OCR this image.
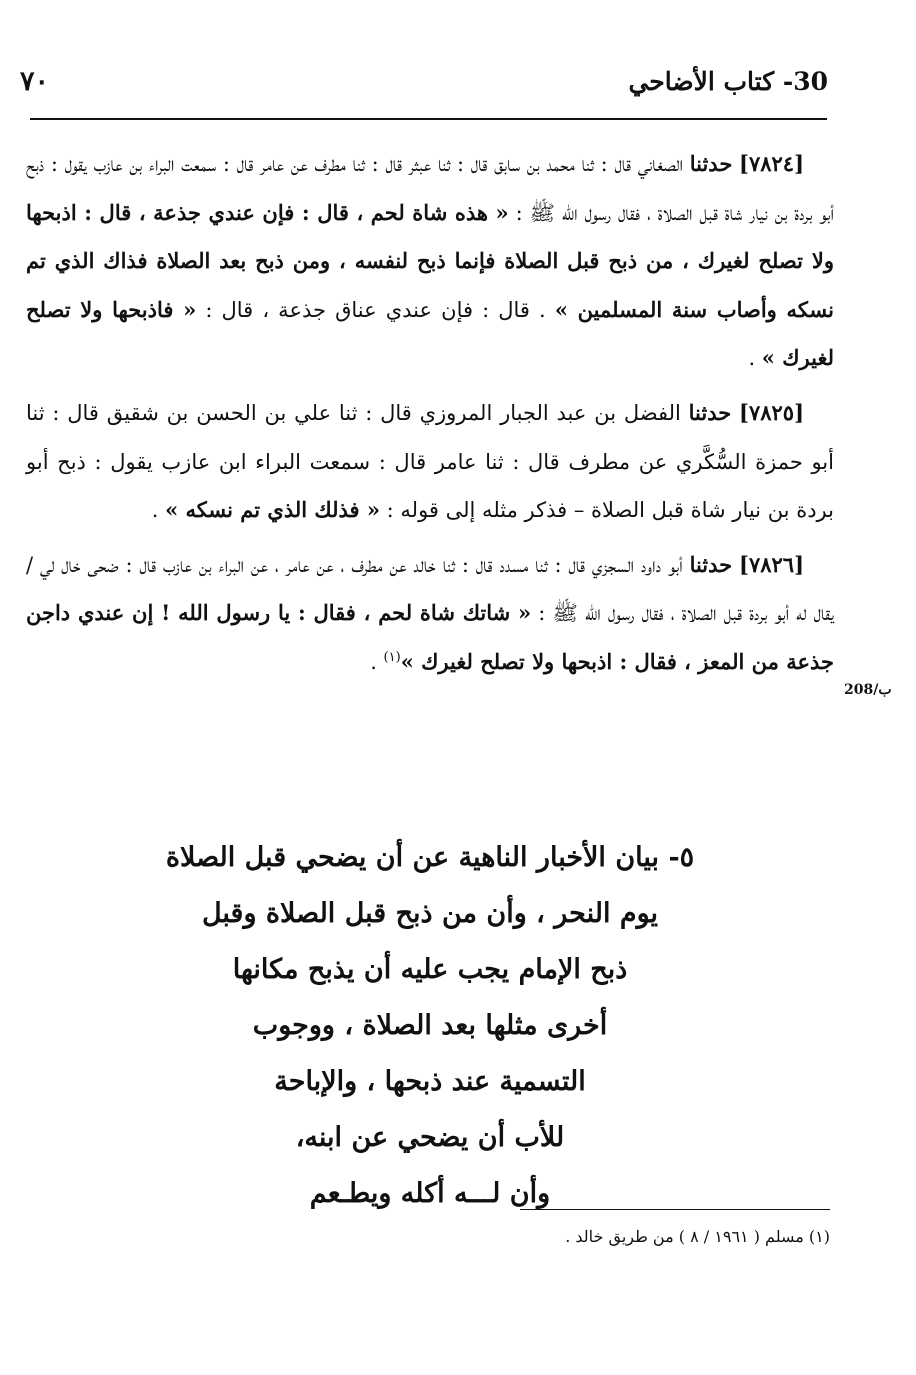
30- كتاب الأضاحي
٧٠

[٧٨٢٤] حدثنا الصغاني قال : ثنا محمد بن سابق قال : ثنا عبثر قال : ثنا مطرف عن عامر قال : سمعت البراء بن عازب يقول : ذبح أبو بردة بن نيار شاة قبل الصلاة ، فقال رسول الله ﷺ : « هذه شاة لحم ، قال : فإن عندي جذعة ، قال : اذبحها ولا تصلح لغيرك ، من ذبح قبل الصلاة فإنما ذبح لنفسه ، ومن ذبح بعد الصلاة فذاك الذي تم نسكه وأصاب سنة المسلمين » . قال : فإن عندي عناق جذعة ، قال : « فاذبحها ولا تصلح لغيرك » .

[٧٨٢٥] حدثنا الفضل بن عبد الجبار المروزي قال : ثنا علي بن الحسن بن شقيق قال : ثنا أبو حمزة السُّكَّري عن مطرف قال : ثنا عامر قال : سمعت البراء ابن عازب يقول : ذبح أبو بردة بن نيار شاة قبل الصلاة – فذكر مثله إلى قوله : « فذلك الذي تم نسكه » .

[٧٨٢٦] حدثنا أبو داود السجزي قال : ثنا مسدد قال : ثنا خالد عن مطرف ، عن عامر ، عن البراء بن عازب قال : ضحى خال لي / يقال له أبو بردة قبل الصلاة ، فقال رسول الله ﷺ : « شاتك شاة لحم ، فقال : يا رسول الله ! إن عندي داجن جذعة من المعز ، فقال : اذبحها ولا تصلح لغيرك »$^{(١)}$ .

208/ب
٥- بيان الأخبار الناهية عن أن يضحي قبل الصلاة
يوم النحر ، وأن من ذبح قبل الصلاة وقبل
ذبح الإمام يجب عليه أن يذبح مكانها
أخرى مثلها بعد الصلاة ، ووجوب
التسمية عند ذبحها ، والإباحة
للأب أن يضحي عن ابنه،
وأن لـــه أكله ويطـعم
(١) مسلم ( ١٩٦١ / ٨ ) من طريق خالد .
